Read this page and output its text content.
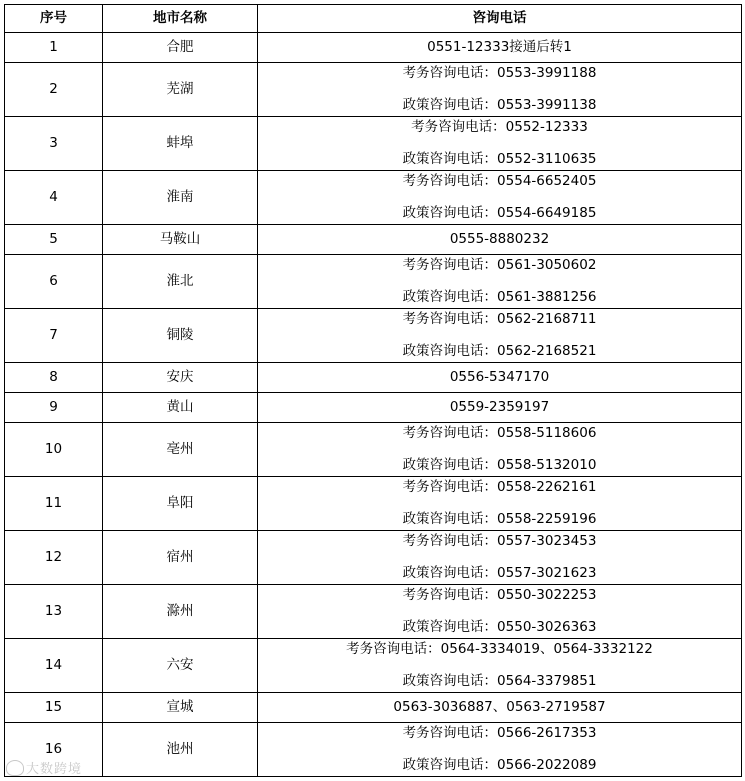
序号	地市名称	咨询电话
1	合肥	0551-12333接通后转1

2	芜湖	考务咨询电话：0553-3991188
政策咨询电话：0553-3991138

3	蚌埠	考务咨询电话：0552-12333
政策咨询电话：0552-3110635

4	淮南	考务咨询电话：0554-6652405
政策咨询电话：0554-6649185

5	马鞍山	0555-8880232

6	淮北	考务咨询电话：0561-3050602
政策咨询电话：0561-3881256

7	铜陵	考务咨询电话：0562-2168711
政策咨询电话：0562-2168521

8	安庆	0556-5347170

9	黄山	0559-2359197

10	亳州	考务咨询电话：0558-5118606
政策咨询电话：0558-5132010

11	阜阳	考务咨询电话：0558-2262161
政策咨询电话：0558-2259196

12	宿州	考务咨询电话：0557-3023453
政策咨询电话：0557-3021623

13	滁州	考务咨询电话：0550-3022253
政策咨询电话：0550-3026363

14	六安	考务咨询电话：0564-3334019、0564-3332122
政策咨询电话：0564-3379851

15	宣城	0563-3036887、0563-2719587

16	池州	考务咨询电话：0566-2617353
政策咨询电话：0566-2022089
大数跨境
